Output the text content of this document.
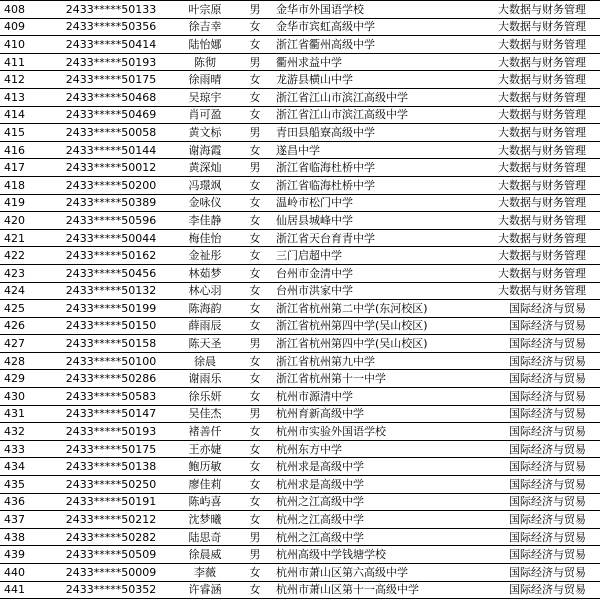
408	2433*****50133	叶宗原	男	金华市外国语学校	大数据与财务管理
409	2433*****50356	徐吉幸	女	金华市宾虹高级中学	大数据与财务管理
410	2433*****50414	陆怡娜	女	浙江省衢州高级中学	大数据与财务管理
411	2433*****50193	陈彻	男	衢州求益中学	大数据与财务管理
412	2433*****50175	徐雨晴	女	龙游县横山中学	大数据与财务管理
413	2433*****50468	吴琼宇	女	浙江省江山市滨江高级中学	大数据与财务管理
414	2433*****50469	肖可盈	女	浙江省江山市滨江高级中学	大数据与财务管理
415	2433*****50058	黄文标	男	青田县船寮高级中学	大数据与财务管理
416	2433*****50144	谢海霞	女	遂昌中学	大数据与财务管理
417	2433*****50012	黄深灿	男	浙江省临海杜桥中学	大数据与财务管理
418	2433*****50200	冯璟飒	女	浙江省临海杜桥中学	大数据与财务管理
419	2433*****50389	金咏仪	女	温岭市松门中学	大数据与财务管理
420	2433*****50596	李佳静	女	仙居县城峰中学	大数据与财务管理
421	2433*****50044	梅佳怡	女	浙江省天台育青中学	大数据与财务管理
422	2433*****50162	金祉彤	女	三门启超中学	大数据与财务管理
423	2433*****50456	林茹梦	女	台州市金清中学	大数据与财务管理
424	2433*****50132	林心羽	女	台州市洪家中学	大数据与财务管理
425	2433*****50199	陈海韵	女	浙江省杭州第二中学(东河校区)	国际经济与贸易
426	2433*****50150	薛雨辰	女	浙江省杭州第四中学(吴山校区)	国际经济与贸易
427	2433*****50158	陈天圣	男	浙江省杭州第四中学(吴山校区)	国际经济与贸易
428	2433*****50100	徐晨	女	浙江省杭州第九中学	国际经济与贸易
429	2433*****50286	谢雨乐	女	浙江省杭州第十一中学	国际经济与贸易
430	2433*****50583	徐乐妍	女	杭州市源清中学	国际经济与贸易
431	2433*****50147	吴佳杰	男	杭州育新高级中学	国际经济与贸易
432	2433*****50193	褚善仟	女	杭州市实验外国语学校	国际经济与贸易
433	2433*****50175	王亦婕	女	杭州东方中学	国际经济与贸易
434	2433*****50138	鲍历敏	女	杭州求是高级中学	国际经济与贸易
435	2433*****50250	廖佳莉	女	杭州求是高级中学	国际经济与贸易
436	2433*****50191	陈屿喜	女	杭州之江高级中学	国际经济与贸易
437	2433*****50212	沈梦曦	女	杭州之江高级中学	国际经济与贸易
438	2433*****50282	陆思奇	男	杭州之江高级中学	国际经济与贸易
439	2433*****50509	徐晨威	男	杭州高级中学钱塘学校	国际经济与贸易
440	2433*****50009	李薇	女	杭州市萧山区第六高级中学	国际经济与贸易
441	2433*****50352	许睿涵	女	杭州市萧山区第十一高级中学	国际经济与贸易
